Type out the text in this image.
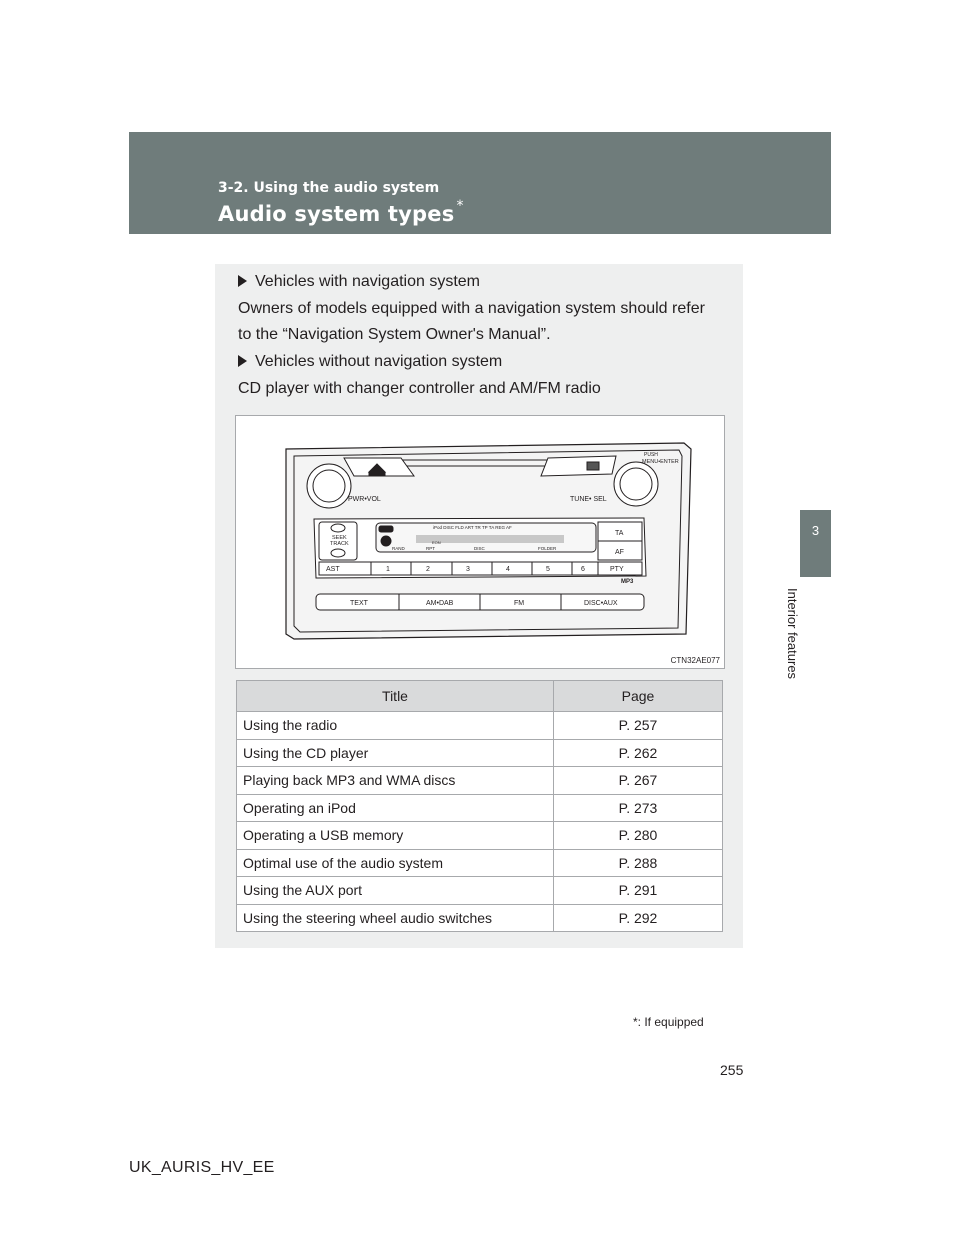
3-2. Using the audio system
Audio system types *
3
Interior features
Vehicles with navigation system
Owners of models equipped with a navigation system should refer
to the “Navigation System Owner's Manual”.
Vehicles without navigation system
CD player with changer controller and AM/FM radio
PUSH
MENU•ENTER
PWR•VOL	TUNE• SEL
SEEK
TRACK
AST
TA
AF
PTY
1	2	3	4	5	6
MP3
TEXT	AM•DAB	FM	DISC•AUX
iPod DISC FLD ART TR TP TA REG AF
EON
RAND	RPT	DISC	FOLDER
CTN32AE077
Title	Page
Using the radio	P. 257
Using the CD player	P. 262
Playing back MP3 and WMA discs	P. 267
Operating an iPod	P. 273
Operating a USB memory	P. 280
Optimal use of the audio system	P. 288
Using the AUX port	P. 291
Using the steering wheel audio switches	P. 292
*: If equipped
255
UK_AURIS_HV_EE
